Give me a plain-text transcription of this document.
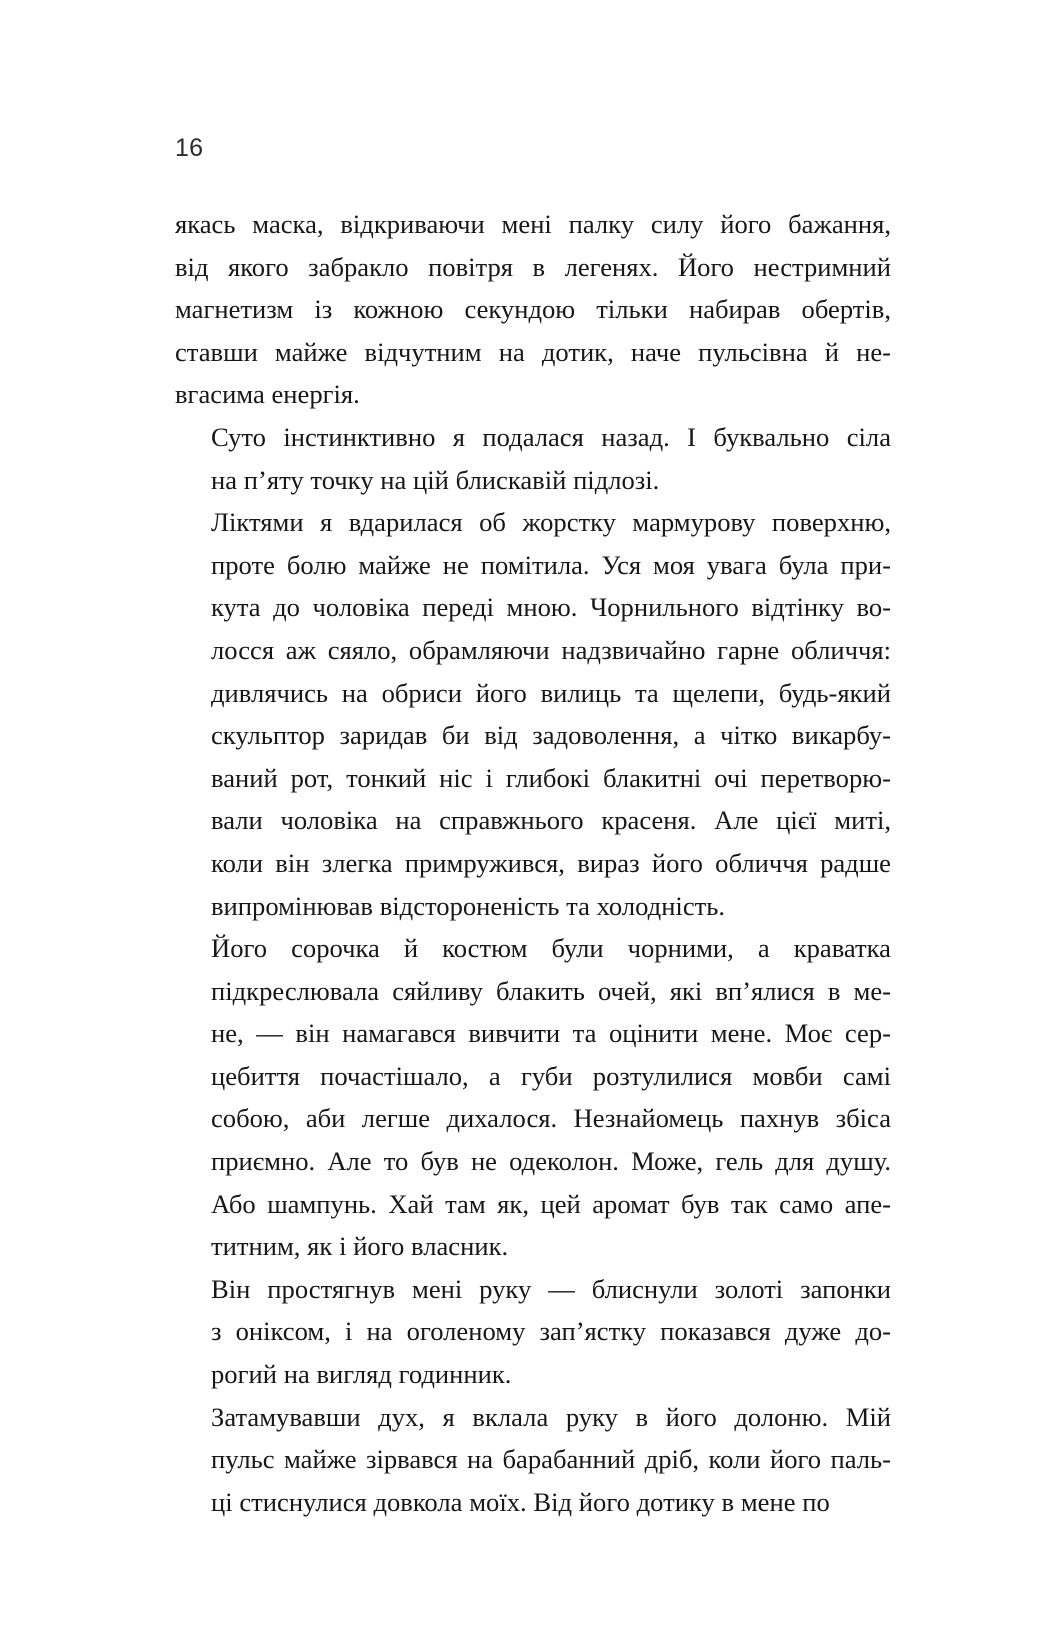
16

якась маска, відкриваючи мені палку силу його бажання,
від якого забракло повітря в легенях. Його нестримний
магнетизм із кожною секундою тільки набирав обертів,
ставши майже відчутним на дотик, наче пульсівна й не-
вгасима енергія.

Суто інстинктивно я подалася назад. І буквально сіла
на п’яту точку на цій блискавій підлозі.

Ліктями я вдарилася об жорстку мармурову поверхню,
проте болю майже не помітила. Уся моя увага була при-
кута до чоловіка переді мною. Чорнильного відтінку во-
лосся аж сяяло, обрамляючи надзвичайно гарне обличчя:
дивлячись на обриси його вилиць та щелепи, будь-який
скульптор заридав би від задоволення, а чітко викарбу-
ваний рот, тонкий ніс і глибокі блакитні очі перетворю-
вали чоловіка на справжнього красеня. Але цієї миті,
коли він злегка примружився, вираз його обличчя радше
випромінював відстороненість та холодність.

Його сорочка й костюм були чорними, а краватка
підкреслювала сяйливу блакить очей, які вп’ялися в ме-
не, — він намагався вивчити та оцінити мене. Моє сер-
цебиття почастішало, а губи розтулилися мовби самі
собою, аби легше дихалося. Незнайомець пахнув збіса
приємно. Але то був не одеколон. Може, гель для душу.
Або шампунь. Хай там як, цей аромат був так само апе-
титним, як і його власник.

Він простягнув мені руку — блиснули золоті запонки
з оніксом, і на оголеному зап’ястку показався дуже до-
рогий на вигляд годинник.

Затамувавши дух, я вклала руку в його долоню. Мій
пульс майже зірвався на барабанний дріб, коли його паль-
ці стиснулися довкола моїх. Від його дотику в мене по
